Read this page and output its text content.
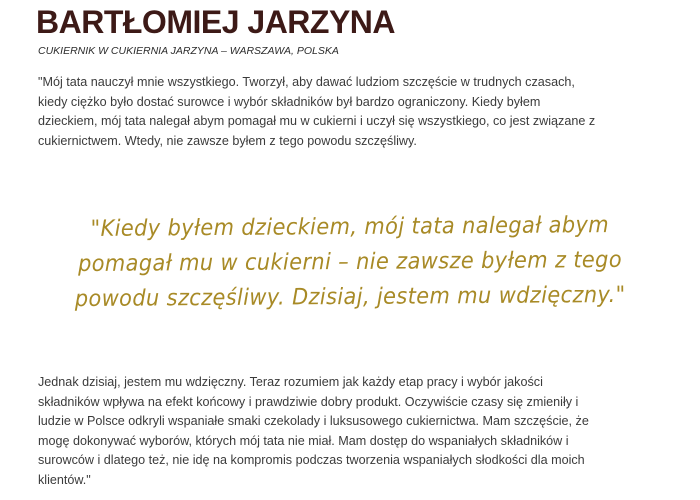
BARTŁOMIEJ JARZYNA

CUKIERNIK W CUKIERNIA JARZYNA – WARSZAWA, POLSKA

"Mój tata nauczył mnie wszystkiego. Tworzył, aby dawać ludziom szczęście w trudnych czasach,
kiedy ciężko było dostać surowce i wybór składników był bardzo ograniczony. Kiedy byłem
dzieckiem, mój tata nalegał abym pomagał mu w cukierni i uczył się wszystkiego, co jest związane z
cukiernictwem. Wtedy, nie zawsze byłem z tego powodu szczęśliwy.

"Kiedy byłem dzieckiem, mój tata nalegał abym
pomagał mu w cukierni – nie zawsze byłem z tego
powodu szczęśliwy. Dzisiaj, jestem mu wdzięczny."

Jednak dzisiaj, jestem mu wdzięczny. Teraz rozumiem jak każdy etap pracy i wybór jakości
składników wpływa na efekt końcowy i prawdziwie dobry produkt. Oczywiście czasy się zmieniły i
ludzie w Polsce odkryli wspaniałe smaki czekolady i luksusowego cukiernictwa. Mam szczęście, że
mogę dokonywać wyborów, których mój tata nie miał. Mam dostęp do wspaniałych składników i
surowców i dlatego też, nie idę na kompromis podczas tworzenia wspaniałych słodkości dla moich
klientów."
